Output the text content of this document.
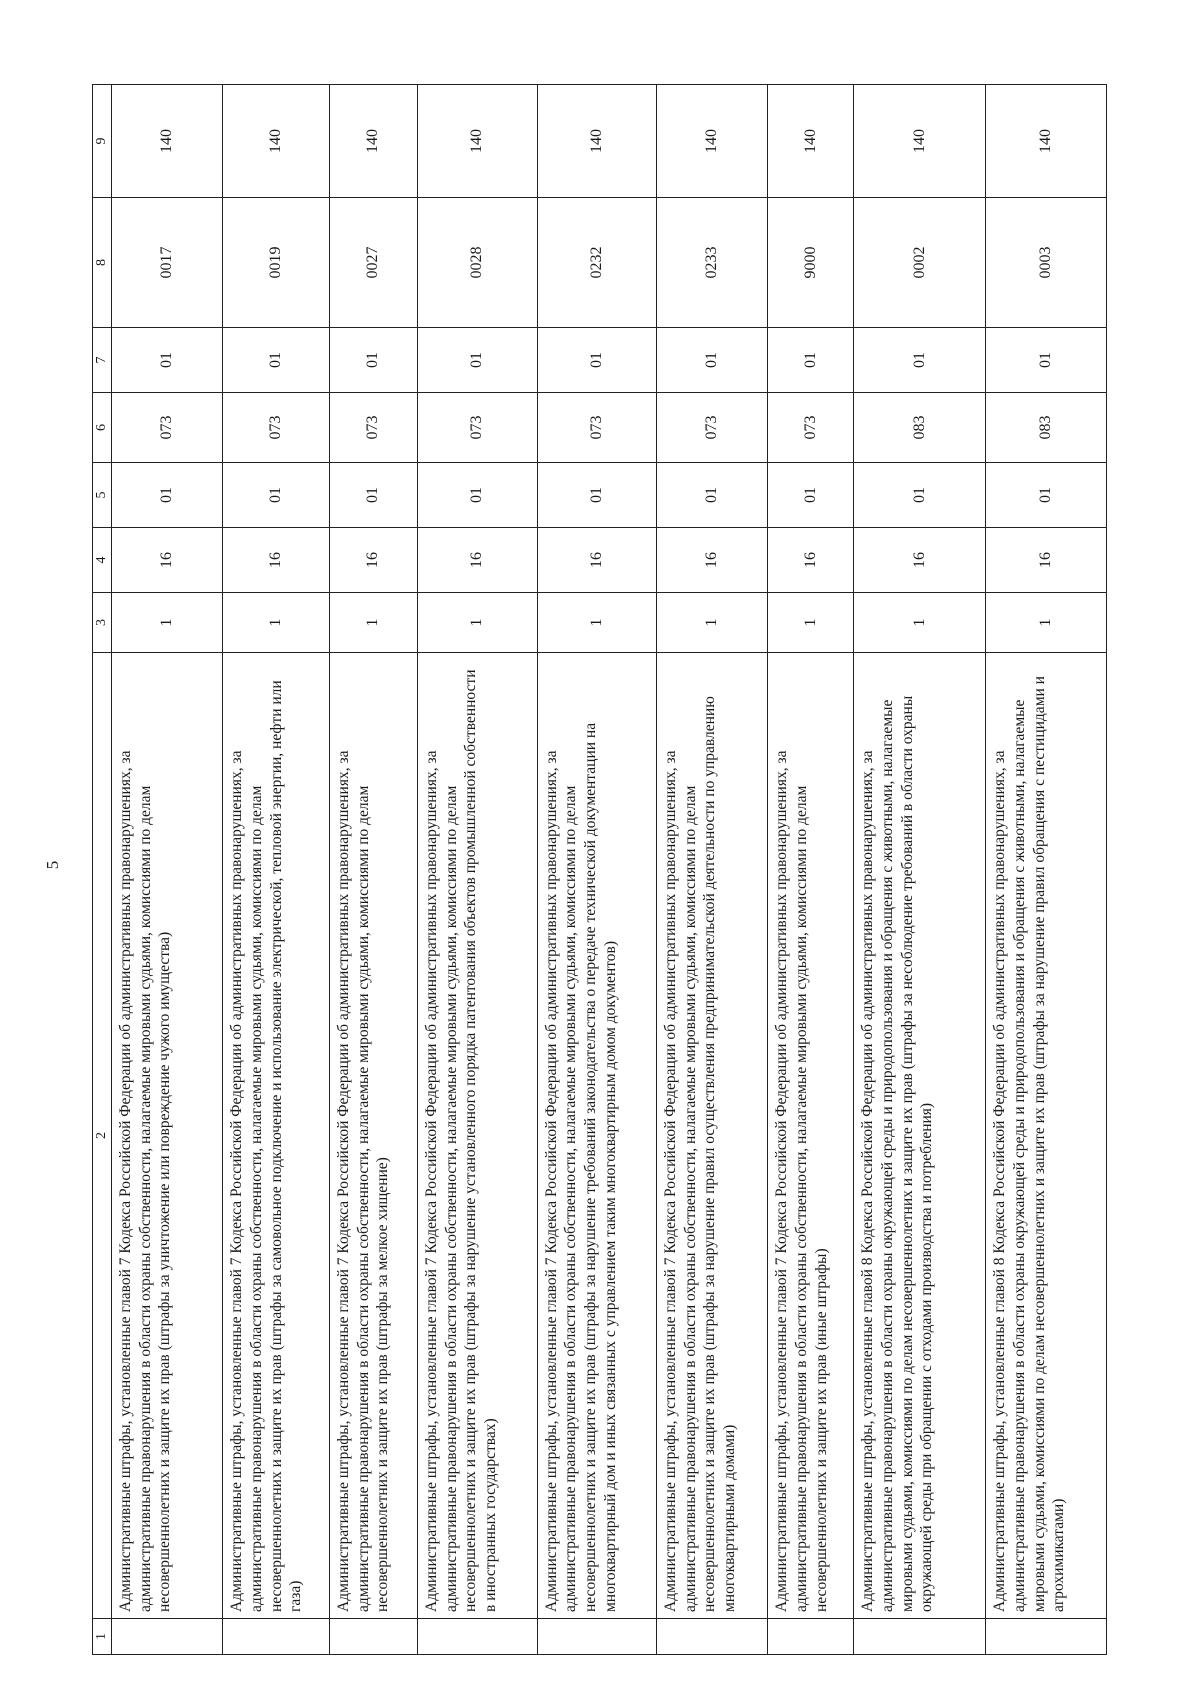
5
1	2	3	4	5	6	7	8	9
	Административные штрафы, установленные главой 7 Кодекса Российской Федерации об административных правонарушениях, за административные правонарушения в области охраны собственности, налагаемые мировыми судьями, комиссиями по делам несовершеннолетних и защите их прав (штрафы за уничтожение или повреждение чужого имущества)	1	16	01	073	01	0017	140
	Административные штрафы, установленные главой 7 Кодекса Российской Федерации об административных правонарушениях, за административные правонарушения в области охраны собственности, налагаемые мировыми судьями, комиссиями по делам несовершеннолетних и защите их прав (штрафы за самовольное подключение и использование электрической, тепловой энергии, нефти или газа)	1	16	01	073	01	0019	140
	Административные штрафы, установленные главой 7 Кодекса Российской Федерации об административных правонарушениях, за административные правонарушения в области охраны собственности, налагаемые мировыми судьями, комиссиями по делам несовершеннолетних и защите их прав (штрафы за мелкое хищение)	1	16	01	073	01	0027	140
	Административные штрафы, установленные главой 7 Кодекса Российской Федерации об административных правонарушениях, за административные правонарушения в области охраны собственности, налагаемые мировыми судьями, комиссиями по делам несовершеннолетних и защите их прав (штрафы за нарушение установленного порядка патентования объектов промышленной собственности в иностранных государствах)	1	16	01	073	01	0028	140
	Административные штрафы, установленные главой 7 Кодекса Российской Федерации об административных правонарушениях, за административные правонарушения в области охраны собственности, налагаемые мировыми судьями, комиссиями по делам несовершеннолетних и защите их прав (штрафы за нарушение требований законодательства о передаче технической документации на многоквартирный дом и иных связанных с управлением таким многоквартирным домом документов)	1	16	01	073	01	0232	140
	Административные штрафы, установленные главой 7 Кодекса Российской Федерации об административных правонарушениях, за административные правонарушения в области охраны собственности, налагаемые мировыми судьями, комиссиями по делам несовершеннолетних и защите их прав (штрафы за нарушение правил осуществления предпринимательской деятельности по управлению многоквартирными домами)	1	16	01	073	01	0233	140
	Административные штрафы, установленные главой 7 Кодекса Российской Федерации об административных правонарушениях, за административные правонарушения в области охраны собственности, налагаемые мировыми судьями, комиссиями по делам несовершеннолетних и защите их прав (иные штрафы)	1	16	01	073	01	9000	140
	Административные штрафы, установленные главой 8 Кодекса Российской Федерации об административных правонарушениях, за административные правонарушения в области охраны окружающей среды и природопользования и обращения с животными, налагаемые мировыми судьями, комиссиями по делам несовершеннолетних и защите их прав (штрафы за несоблюдение требований в области охраны окружающей среды при обращении с отходами производства и потребления)	1	16	01	083	01	0002	140
	Административные штрафы, установленные главой 8 Кодекса Российской Федерации об административных правонарушениях, за административные правонарушения в области охраны окружающей среды и природопользования и обращения с животными, налагаемые мировыми судьями, комиссиями по делам несовершеннолетних и защите их прав (штрафы за нарушение правил обращения с пестицидами и агрохимикатами)	1	16	01	083	01	0003	140
